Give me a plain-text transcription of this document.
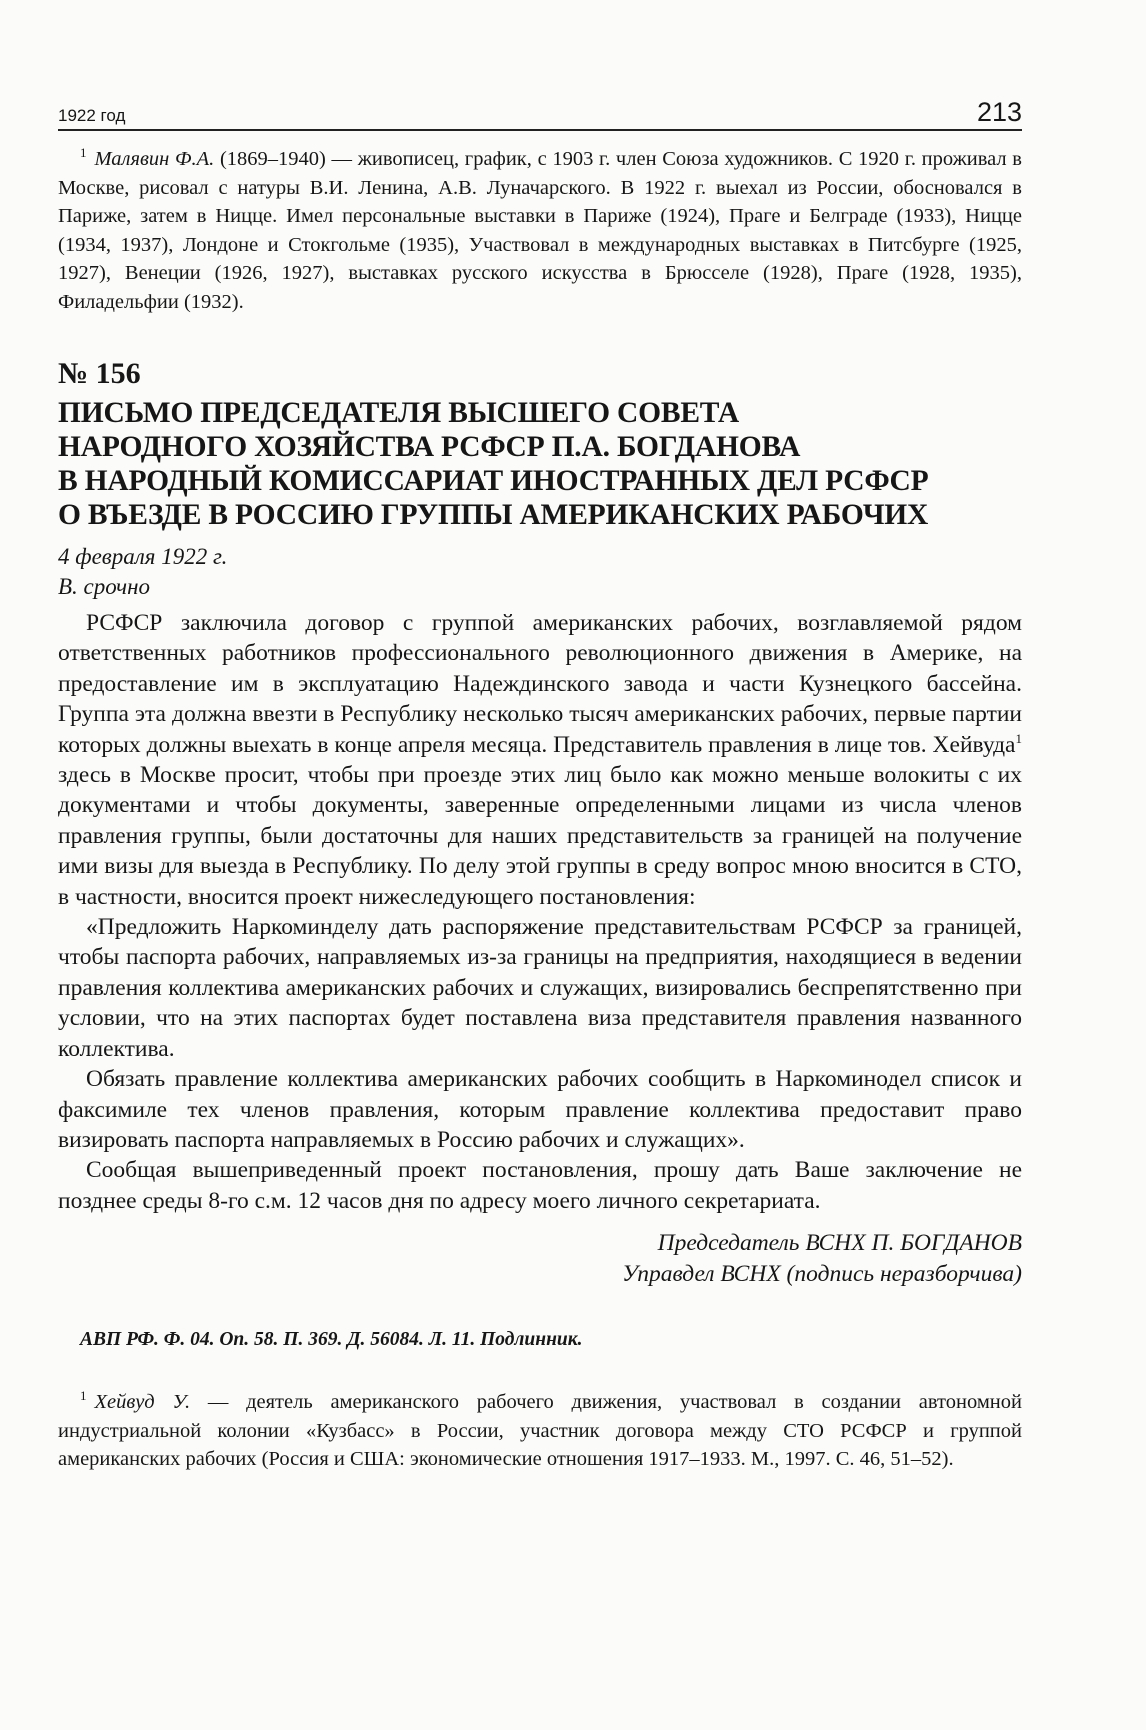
1922 год	213

$^1$ Малявин Ф.А. (1869–1940) — живописец, график, с 1903 г. член Союза художников. С 1920 г. проживал в Москве, рисовал с натуры В.И. Ленина, А.В. Луначарского. В 1922 г. выехал из России, обосновался в Париже, затем в Ницце. Имел персональные выставки в Париже (1924), Праге и Белграде (1933), Ницце (1934, 1937), Лондоне и Стокгольме (1935), Участвовал в международных выставках в Питсбурге (1925, 1927), Венеции (1926, 1927), выставках русского искусства в Брюсселе (1928), Праге (1928, 1935), Филадельфии (1932).

№ 156
ПИСЬМО ПРЕДСЕДАТЕЛЯ ВЫСШЕГО СОВЕТА
НАРОДНОГО ХОЗЯЙСТВА РСФСР П.А. БОГДАНОВА
В НАРОДНЫЙ КОМИССАРИАТ ИНОСТРАННЫХ ДЕЛ РСФСР
О ВЪЕЗДЕ В РОССИЮ ГРУППЫ АМЕРИКАНСКИХ РАБОЧИХ
4 февраля 1922 г.
В. срочно

РСФСР заключила договор с группой американских рабочих, возглавляемой рядом ответственных работников профессионального революционного движения в Америке, на предоставление им в эксплуатацию Надеждинского завода и части Кузнецкого бассейна. Группа эта должна ввезти в Республику несколько тысяч американских рабочих, первые партии которых должны выехать в конце апреля месяца. Представитель правления в лице тов. Хейвуда$^1$ здесь в Москве просит, чтобы при проезде этих лиц было как можно меньше волокиты с их документами и чтобы документы, заверенные определенными лицами из числа членов правления группы, были достаточны для наших представительств за границей на получение ими визы для выезда в Республику. По делу этой группы в среду вопрос мною вносится в СТО, в частности, вносится проект нижеследующего постановления:

«Предложить Наркоминделу дать распоряжение представительствам РСФСР за границей, чтобы паспорта рабочих, направляемых из-за границы на предприятия, находящиеся в ведении правления коллектива американских рабочих и служащих, визировались беспрепятственно при условии, что на этих паспортах будет поставлена виза представителя правления названного коллектива.

Обязать правление коллектива американских рабочих сообщить в Наркоминодел список и факсимиле тех членов правления, которым правление коллектива предоставит право визировать паспорта направляемых в Россию рабочих и служащих».

Сообщая вышеприведенный проект постановления, прошу дать Ваше заключение не позднее среды 8-го с.м. 12 часов дня по адресу моего личного секретариата.

Председатель ВСНХ П. БОГДАНОВ
Управдел ВСНХ (подпись неразборчива)
АВП РФ. Ф. 04. Оп. 58. П. 369. Д. 56084. Л. 11. Подлинник.

$^1$ Хейвуд У. — деятель американского рабочего движения, участвовал в создании автономной индустриальной колонии «Кузбасс» в России, участник договора между СТО РСФСР и группой американских рабочих (Россия и США: экономические отношения 1917–1933. М., 1997. С. 46, 51–52).
